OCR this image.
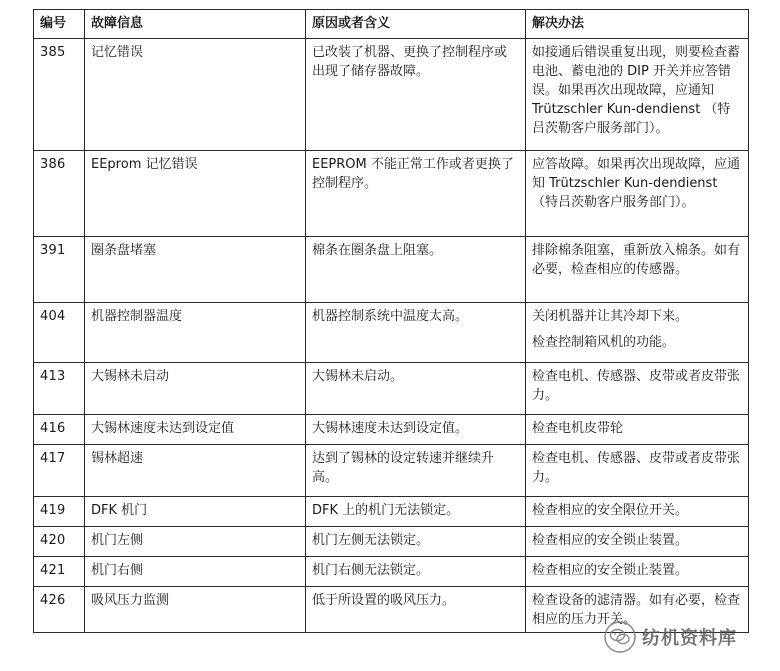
编号	故障信息	原因或者含义	解决办法
385	记忆错误	已改装了机器、更换了控制程序或出现了储存器故障。	如接通后错误重复出现，则要检查蓄电池、蓄电池的 DIP 开关并应答错误。如果再次出现故障，应通知 Trützschler Kun-dendienst （特吕茨勒客户服务部门）。

386	EEprom 记忆错误	EEPROM 不能正常工作或者更换了控制程序。	应答故障。如果再次出现故障，应通知 Trützschler Kun-dendienst （特吕茨勒客户服务部门）。

391	圈条盘堵塞	棉条在圈条盘上阻塞。	排除棉条阻塞，重新放入棉条。如有必要，检查相应的传感器。

404	机器控制器温度	机器控制系统中温度太高。	关闭机器并让其冷却下来。

检查控制箱风机的功能。

413	大锡林未启动	大锡林未启动。	检查电机、传感器、皮带或者皮带张力。

416	大锡林速度未达到设定值	大锡林速度未达到设定值。	检查电机皮带轮

417	锡林超速	达到了锡林的设定转速并继续升高。	检查电机、传感器、皮带或者皮带张力。

419	DFK 机门	DFK 上的机门无法锁定。	检查相应的安全限位开关。

420	机门左侧	机门左侧无法锁定。	检查相应的安全锁止装置。

421	机门右侧	机门右侧无法锁定。	检查相应的安全锁止装置。

426	吸风压力监测	低于所设置的吸风压力。	检查设备的滤清器。如有必要，检查相应的压力开关。

纺机资料库
